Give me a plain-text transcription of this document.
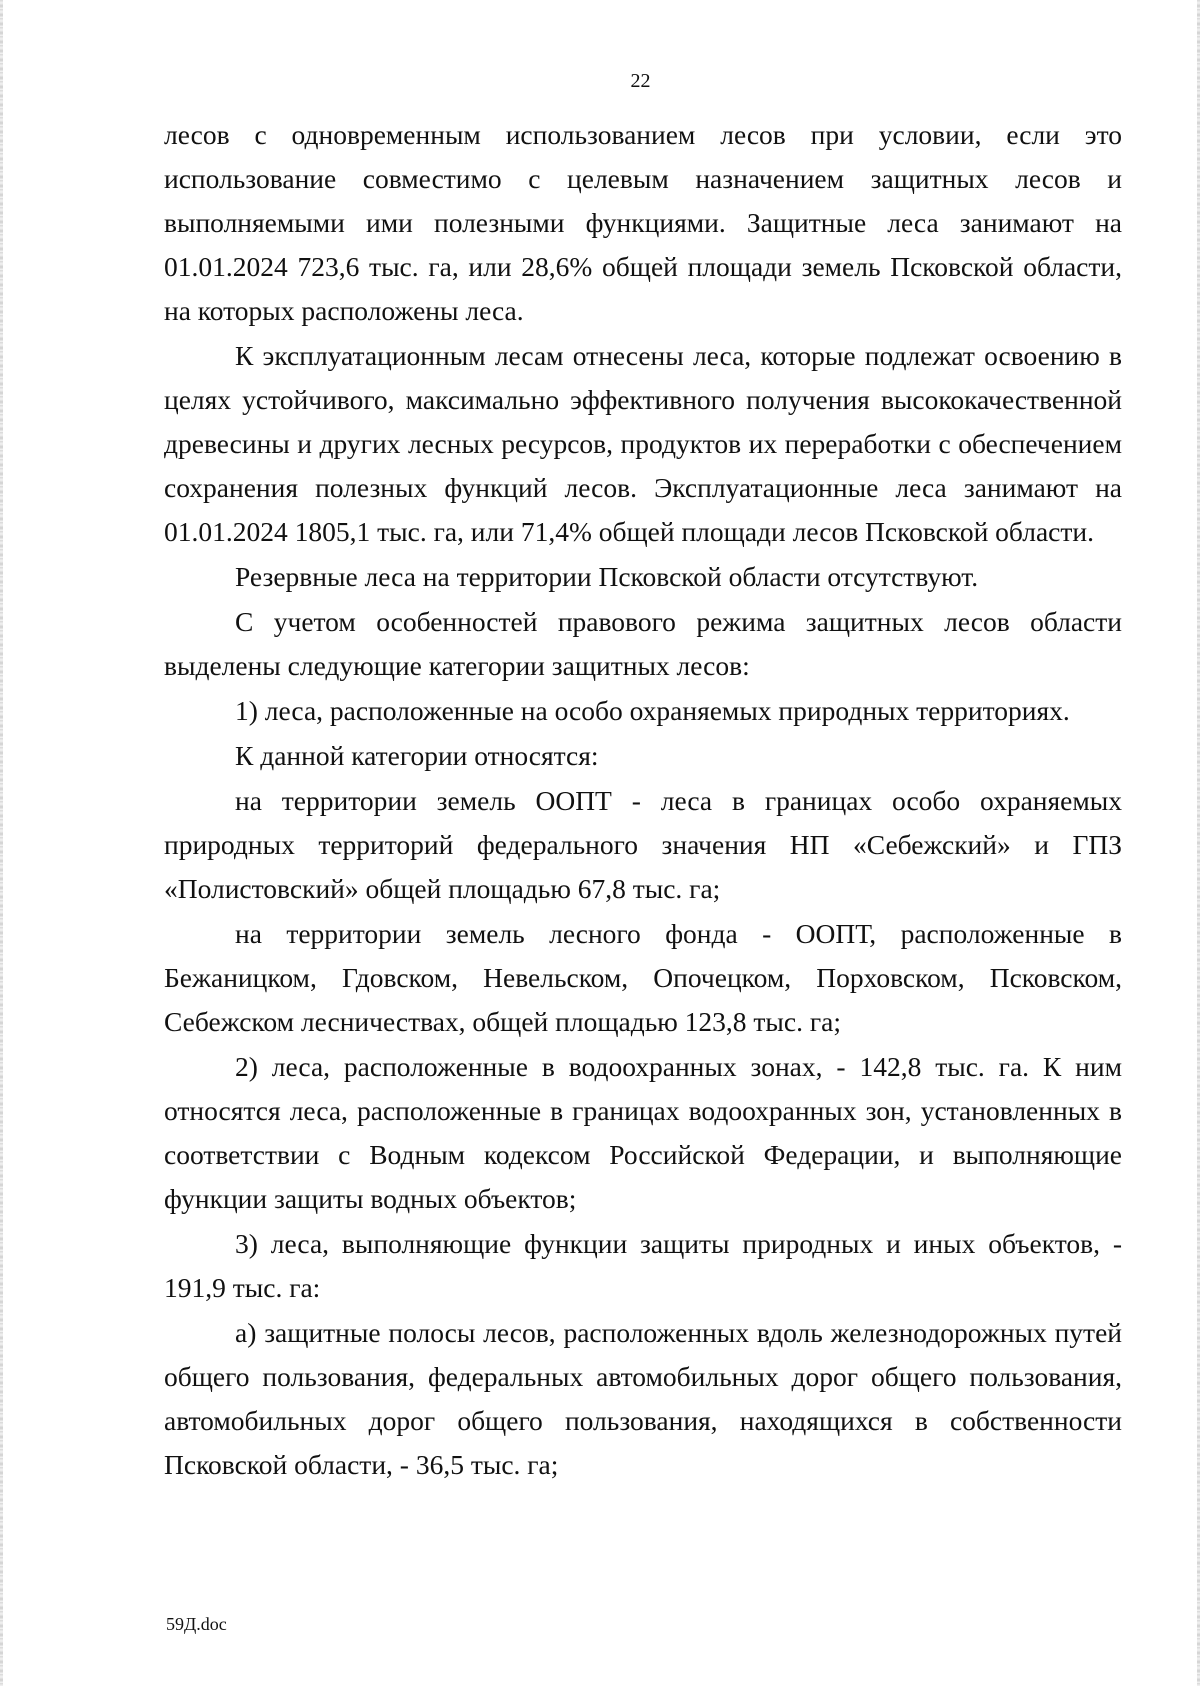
22

лесов с одновременным использованием лесов при условии, если это использование совместимо с целевым назначением защитных лесов и выполняемыми ими полезными функциями. Защитные леса занимают на 01.01.2024 723,6 тыс. га, или 28,6% общей площади земель Псковской области, на которых расположены леса.

К эксплуатационным лесам отнесены леса, которые подлежат освоению в целях устойчивого, максимально эффективного получения высококачественной древесины и других лесных ресурсов, продуктов их переработки с обеспечением сохранения полезных функций лесов. Эксплуатационные леса занимают на 01.01.2024 1805,1 тыс. га, или 71,4% общей площади лесов Псковской области.

Резервные леса на территории Псковской области отсутствуют.

С учетом особенностей правового режима защитных лесов области выделены следующие категории защитных лесов:

1) леса, расположенные на особо охраняемых природных территориях.

К данной категории относятся:

на территории земель ООПТ - леса в границах особо охраняемых природных территорий федерального значения НП «Себежский» и ГПЗ «Полистовский» общей площадью 67,8 тыс. га;

на территории земель лесного фонда - ООПТ, расположенные в Бежаницком, Гдовском, Невельском, Опочецком, Порховском, Псковском, Себежском лесничествах, общей площадью 123,8 тыс. га;

2) леса, расположенные в водоохранных зонах, - 142,8 тыс. га. К ним относятся леса, расположенные в границах водоохранных зон, установленных в соответствии с Водным кодексом Российской Федерации, и выполняющие функции защиты водных объектов;

3) леса, выполняющие функции защиты природных и иных объектов, - 191,9 тыс. га:

а) защитные полосы лесов, расположенных вдоль железнодорожных путей общего пользования, федеральных автомобильных дорог общего пользования, автомобильных дорог общего пользования, находящихся в собственности Псковской области, - 36,5 тыс. га;

59Д.doc
